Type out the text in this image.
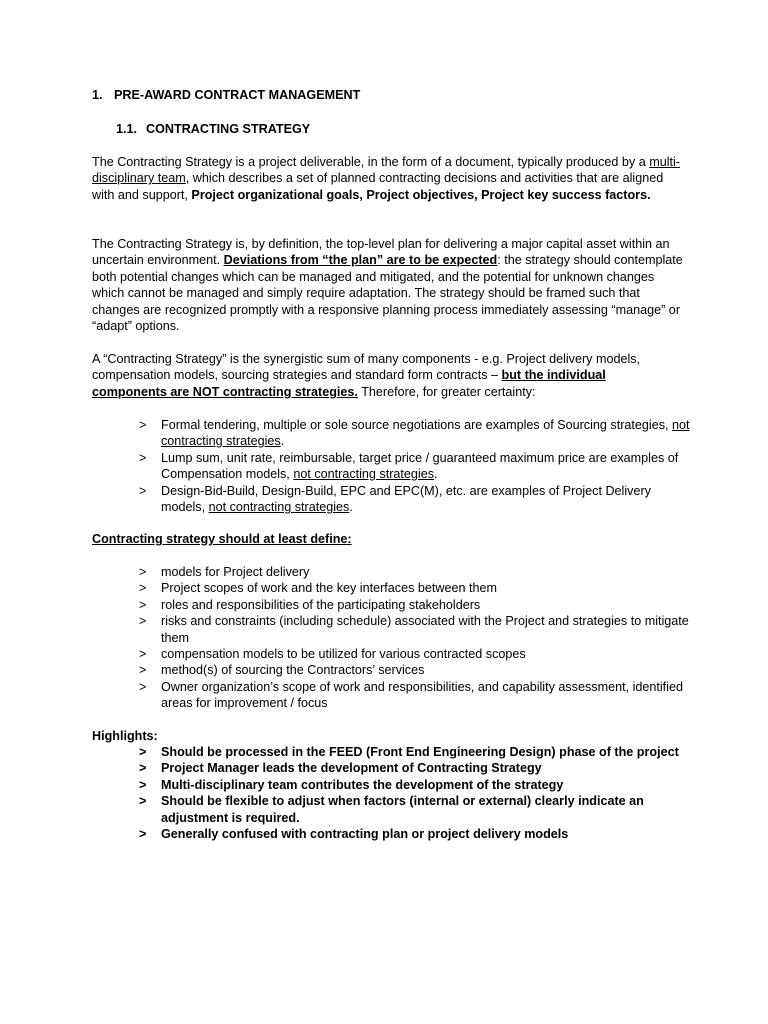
1. PRE-AWARD CONTRACT MANAGEMENT
1.1. CONTRACTING STRATEGY

The Contracting Strategy is a project deliverable, in the form of a document, typically produced by a multi-disciplinary team, which describes a set of planned contracting decisions and activities that are aligned with and support, Project organizational goals, Project objectives, Project key success factors.

The Contracting Strategy is, by definition, the top-level plan for delivering a major capital asset within an uncertain environment. Deviations from “the plan” are to be expected: the strategy should contemplate both potential changes which can be managed and mitigated, and the potential for unknown changes which cannot be managed and simply require adaptation. The strategy should be framed such that changes are recognized promptly with a responsive planning process immediately assessing “manage” or “adapt” options.

A “Contracting Strategy” is the synergistic sum of many components - e.g. Project delivery models, compensation models, sourcing strategies and standard form contracts – but the individual components are NOT contracting strategies. Therefore, for greater certainty:

> Formal tendering, multiple or sole source negotiations are examples of Sourcing strategies, not contracting strategies.
> Lump sum, unit rate, reimbursable, target price / guaranteed maximum price are examples of Compensation models, not contracting strategies.
> Design-Bid-Build, Design-Build, EPC and EPC(M), etc. are examples of Project Delivery models, not contracting strategies.

Contracting strategy should at least define:

> models for Project delivery
> Project scopes of work and the key interfaces between them
> roles and responsibilities of the participating stakeholders
> risks and constraints (including schedule) associated with the Project and strategies to mitigate them
> compensation models to be utilized for various contracted scopes
> method(s) of sourcing the Contractors’ services
> Owner organization’s scope of work and responsibilities, and capability assessment, identified areas for improvement / focus

Highlights:

> Should be processed in the FEED (Front End Engineering Design) phase of the project
> Project Manager leads the development of Contracting Strategy
> Multi-disciplinary team contributes the development of the strategy
> Should be flexible to adjust when factors (internal or external) clearly indicate an adjustment is required.
> Generally confused with contracting plan or project delivery models
